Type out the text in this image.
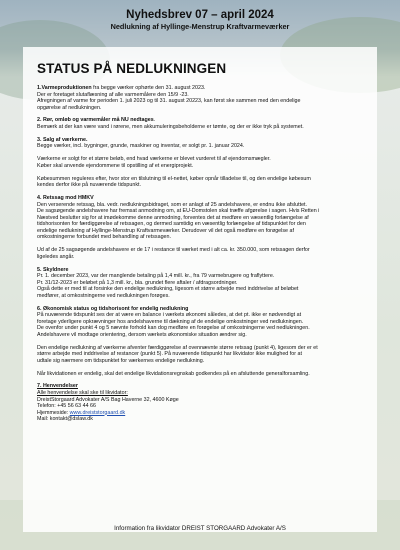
Nyhedsbrev 07 – april 2024
Nedlukning af Hyllinge-Menstrup Kraftvarmeværker
STATUS PÅ NEDLUKNINGEN

1.Varmeproduktionen fra begge værker ophørte den 31. august 2023.
Der er foretaget slutaflæsning af alle varmemålere den 15/9 -23.
Afregningen af varme for perioden 1. juli 2023 og til 31. august 20223, kan først ske sammen med den endelige
opgørelse af nedlukningen.

2. Rør, omløb og varmemåler må NU nedtages.
Bemærk at der kan være vand i rørene, men akkumuleringsbeholderne er tømte, og der er ikke tryk på systemet.

3. Salg af værkerne.
Begge værker, incl. bygninger, grunde, maskiner og inventar, er solgt pr. 1. januar 2024.

Værkerne er solgt for et større beløb, end hvad værkerne er blevet vurderet til af ejendomsmægler.
Køber skal anvende ejendommene til opstilling af et energiprojekt.

Købesummen reguleres efter, hvor stor en tilslutning til el-nettet, køber opnår tilladelse til, og den endelige købesum
kendes derfor ikke på nuværende tidspunkt.

4. Retssag mod HMKV
Den verserende retssag, bla. vedr. nedlukningsbidraget, som er anlagt af 25 andelshavere, er endnu ikke afsluttet.
De sagsøgende andelshavere har fremsat anmodning om, at EU-Domstolen skal træffe afgørelse i sagen. Hvis Retten i
Næstved beslutter sig for at imødekomme denne anmodning, forventes det at medføre en væsentlig forlængelse af
tidshorisonten for færdiggørelse af retssagen, og dermed samtidig en væsentlig forlængelse af tidspunktet for den
endelige nedlukning af Hyllinge-Menstrup Kraftvarmeværker. Derudover vil det også medføre en forøgelse af
omkostningerne forbundet med behandling af retssagen.

Ud af de 25 sagsøgende andelshavere er de 17 i restance til værket med i alt ca. kr. 350.000, som retssagen derfor
ligeledes angår.

5. Skyldnere
Pr. 1. december 2023, var der manglende betaling på 1,4 mill. kr., fra 79 varmebrugere og fraflyttere.
Pr. 31/12-2023 er beløbet på 1,3 mill. kr., bla. grundet flere aftaler / afdragsordninger.
Også dette er med til at forsinke den endelige nedlukning, ligesom et større arbejde med inddrivelse af beløbet
medfører, at omkostningerne ved nedlukningen forøges.

6. Økonomisk status og tidshorisont for endelig nedlukning
På nuværende tidspunkt ses der at være en balance i værkets økonomi således, at det pt. ikke er nødvendigt at
foretage yderligere opkrævninger hos andelshaverne til dækning af de endelige omkostninger ved nedlukningen.
De ovenfor under punkt 4 og 5 nævnte forhold kan dog medføre en forøgelse af omkostningerne ved nedlukningen.
Andelshavere vil modtage orientering, dersom værkets økonomiske situation ændrer sig.

Den endelige nedlukning af værkerne afventer færdiggørelse af ovennævnte større retssag (punkt 4), ligesom der er et
større arbejde med inddrivelse af restancer (punkt 5). På nuværende tidspunkt har likvidator ikke mulighed for at
udtale sig nærmere om tidspunktet for værkernes endelige nedlukning.

Når likvidationen er endelig, skal det endelige likvidationsregnskab godkendes på en afsluttende generalforsamling.

7. Henvendelser
Alle henvendelse skal ske til likvidator:
DreistStorgaard Advokater A/S Bag Haverne 32, 4600 Køge
Telefon: +45 56 63 44 66
Hjemmeside: www.dreiststorgaard.dk
Mail: kontakt@dslaw.dk

Information fra likvidator DREIST STORGAARD Advokater A/S
